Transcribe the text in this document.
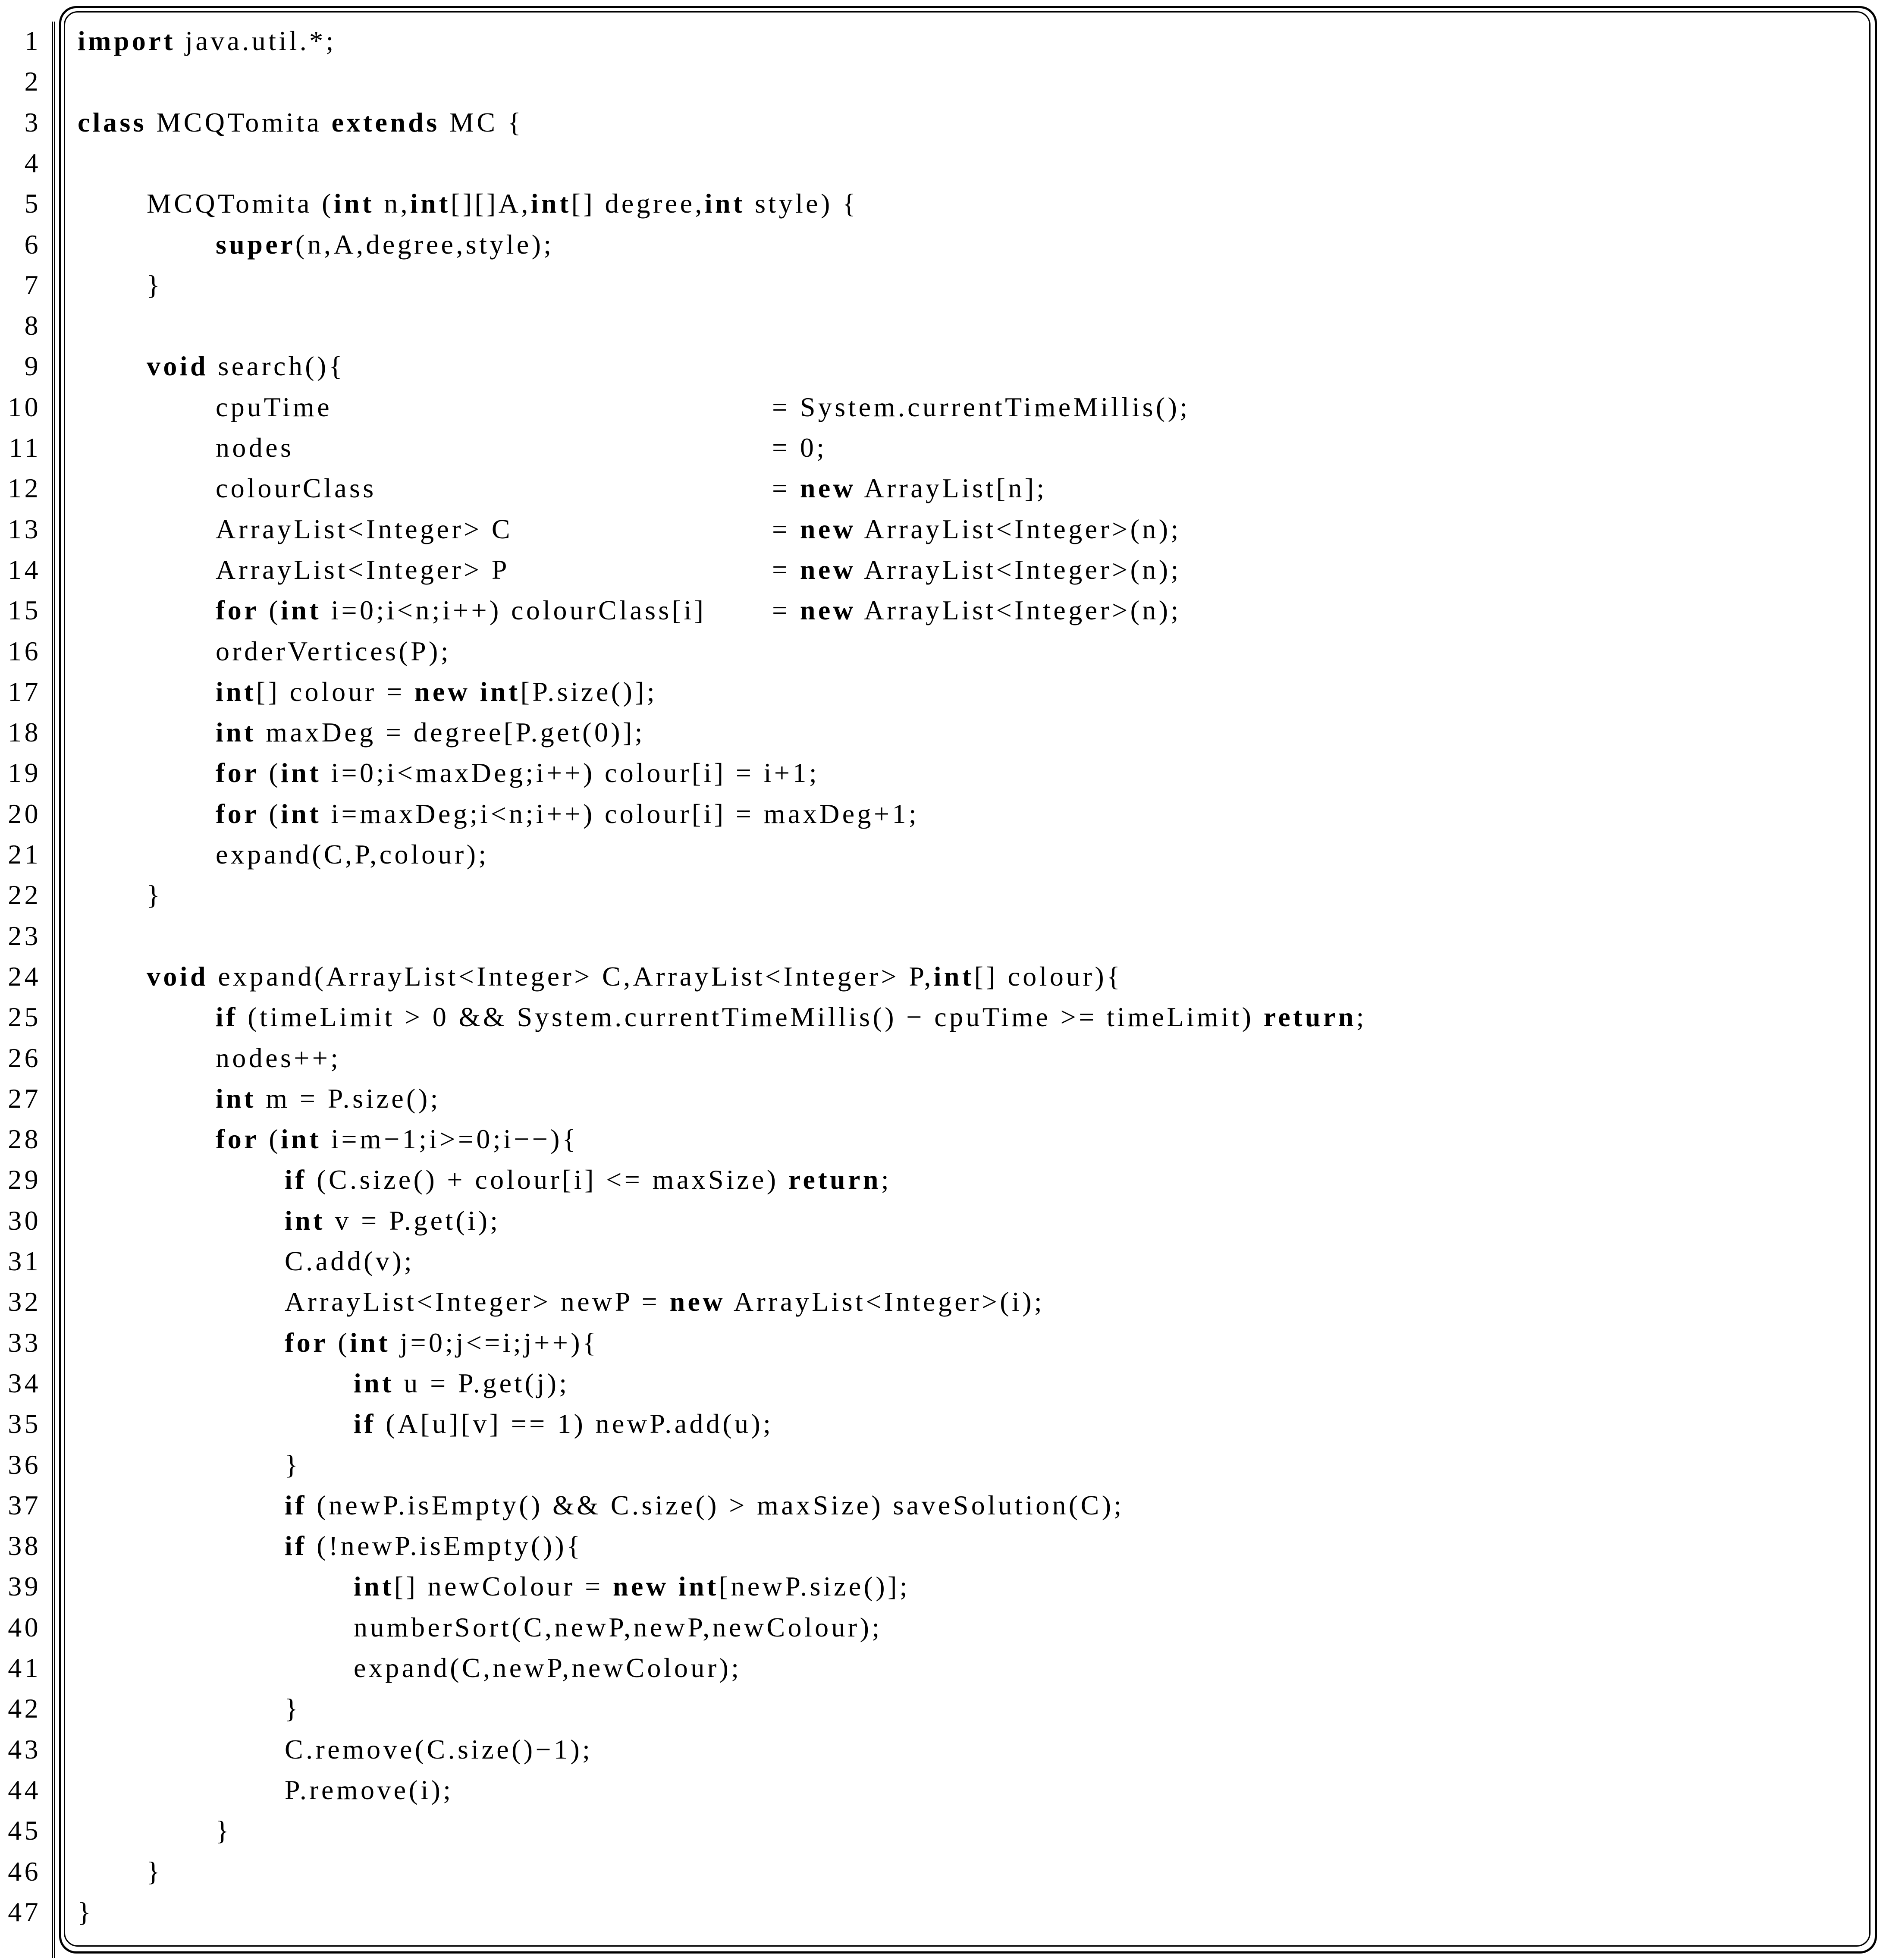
1 import java.util.*;
2
3 class MCQTomita extends MC {
4
5	MCQTomita (int n,int[][]A,int[] degree,int style) {
6	super(n,A,degree,style);
7	}
8
9	void search(){
10	cpuTime	= System.currentTimeMillis();
11	nodes	= 0;
12	colourClass	= new ArrayList[n];
13	ArrayList<Integer> C	= new ArrayList<Integer>(n);
14	ArrayList<Integer> P	= new ArrayList<Integer>(n);
15	for (int i=0;i<n;i++) colourClass[i] = new ArrayList<Integer>(n);
16	orderVertices(P);
17	int[] colour = new int[P.size()];
18	int maxDeg = degree[P.get(0)];
19	for (int i=0;i<maxDeg;i++) colour[i] = i+1;
20	for (int i=maxDeg;i<n;i++) colour[i] = maxDeg+1;
21	expand(C,P,colour);
22	}
23
24	void expand(ArrayList<Integer> C,ArrayList<Integer> P,int[] colour){
25	if (timeLimit > 0 && System.currentTimeMillis() − cpuTime >= timeLimit) return;
26	nodes++;
27	int m = P.size();
28	for (int i=m−1;i>=0;i−−){
29	if (C.size() + colour[i] <= maxSize) return;
30	int v = P.get(i);
31	C.add(v);
32	ArrayList<Integer> newP = new ArrayList<Integer>(i);
33	for (int j=0;j<=i;j++){
34	int u = P.get(j);
35	if (A[u][v] == 1) newP.add(u);
36	}
37	if (newP.isEmpty() && C.size() > maxSize) saveSolution(C);
38	if (!newP.isEmpty()){
39	int[] newColour = new int[newP.size()];
40	numberSort(C,newP,newP,newColour);
41	expand(C,newP,newColour);
42	}
43	C.remove(C.size()−1);
44	P.remove(i);
45	}
46	}
47 }
